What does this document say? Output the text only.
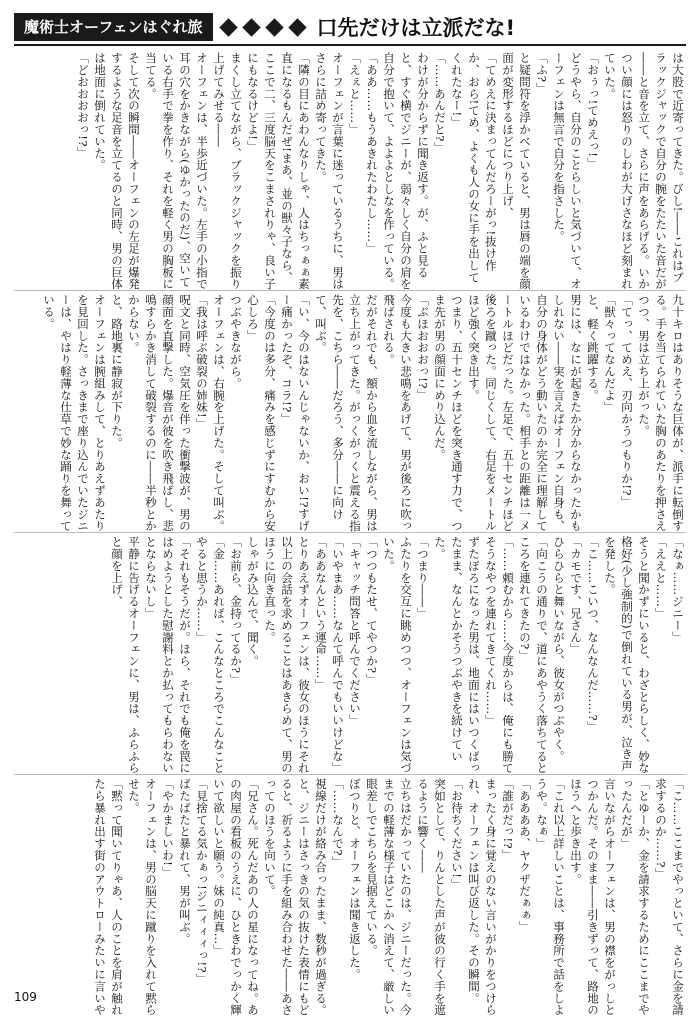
魔術士オーフェンはぐれ旅	口先だけは立派だな!
は大股で近寄ってきた。びし!――これはブラックジャックで自分の腕をたたいた音だが――と音を立て、さらに声をあらげる。いかつい顔には怒りのしわが大げさなほど刻まれていた。
「おぅっ!てめえっ!」
どうやら、自分のことらしいと気づいて、オーフェンは無言で自分を指さした。
「ふ?」
と疑問符を浮かべていると、男は唇の端を顔面が変形するほどにつり上げ、
「てめえに決まってんだろーがっ!抜け作か、おら!てめ、よくも人の女に手を出してくれたなー!」
「……あんだと?」
わけが分からずに聞き返す。が、ふと見ると、すぐ横でジニーが、弱々しく自分の肩を自分で抱いて、よよよとしなを作っている。
「ああ……もうあきれたわたし……」
「えぇと……」
オーフェンが言葉に迷っているうちに、男はさらに詰め寄ってきた。
「隣の目にあわんなりしゃ、人はちっぁぁ素直になるもんだぜ!まあ、並の獣々子なら、ここで二、三度脳天をこまされりゃ、良い子にもなるけどよ!」
まくし立てながら、ブラックジャックを振り上げてみせる――
オーフェンは、半歩近づいた。左手の小指で耳の穴をかきながら(ゆかったのだ)、空いている右手で拳を作り、それを軽く男の胸板に当てる。
そして次の瞬間――オーフェンの左足が爆発するような足音を立てるのと同時、男の巨体は地面に倒れていた。
「どおおおおっ!?」
九十キロはありそうな巨体が、派手に転倒する。手を当てられていた胸のあたりを押さえつつ、男は立ち上がった。
「てっ、てめえ、刃向かうつもりか!?」
「獣々ってなんだよ」
と、軽く跳躍する。
男には、なにが起きたか分からなかったかもしれない――実を言えばオーフェン自身も、自分の身体がどう動いたのか完全に理解しているわけではなかった。相手との距離は一メートルほどだった。左足で、五十センチほど後ろを蹴った。同じくして、右足をメートルほど強く突き出す。
つまり、五十センチほどを突き通す力で、つま先が男の顔面にめり込んだ。
「ぶほおおおっ!?」
今度も大きい悲鳴をあげて、男が後ろに吹っ飛ばされる。
だがそれでも、額から血を流しながら、男は立ち上がってきた。がっくがっくと震える指先を、こちら――だろう、多分――に向けて、叫ぶ。
「い、今のはないんじゃないか、おい!?すげー痛かったぞ、コラ!?」
「今度のは多分、痛みを感じずにすむから安心しろ」
つぶやきながら。
オーフェンは、右腕を上げた。そして叫ぶ。
「我は呼ぶ破裂の姉妹!」
呪文と同時、空気圧を伴った衝撃波が、男の顔面を直撃した。爆音が彼を吹き飛ばし、悲鳴すらかき消して破裂するのに――半秒とかからない。
と、路地裏に静寂が下りた。
オーフェンは腕組みして、とりあえずあたりを見回した。さっきまで座り込んでいたジニーは、やはり軽薄な仕草で妙な踊りを舞っている。
「なぁ……ジニー」
「ええと……」
そうと聞かずにいると、わざとらしく、妙な格好(少し強制的)で倒れている男が、泣き声を発した。
「こ……こいつ、なんなんだ……?」
「カモです、兄さん」
ひらひらと舞いながら、彼女がつぶやく。
「向こうの通りで、道にあやうく落ちてるところを連れてきたの?」
「……頼むから……今度からは、俺にも勝てそうなやつを連れてきてくれ……」
ずたぼろになった男は、地面にはいつくばったまま、なんとかそうつぶやきを続けていた。
「つまり――」
ふたりを交互に眺めつつ、オーフェンは気づいた。
「つつもたせ、てやつか?」
「キャッチ問答と呼んでください」
「いやまあ……なんて呼んでもいいけどな」
「ああなんという運命……」
とりあえずオーフェンは、彼女のほうにそれ以上の会話を求めることはあきらめて、男のほうに向き直った。
しゃがみ込んで、聞く。
「お前ら、金持ってるか?」
「金……あれば、こんなところでこんなことやると思うか……」
「それもそうだが。ほら、それでも俺を罠にはめようとした慰謝料とか払ってもらわないとならないし」
平静に告げるオーフェンに、男は、ふらふらと顔を上げ、
「こ……ここまでやっといて、さらに金を請求するのか……?」
「とゆーか、金を請求するためにここまでやったんだが」
言いながらオーフェンは、男の襟をがっしとつかんだ。そのまま――引きずって、路地のほうへと歩き出す。
「これ以上詳しいことは、事務所で話をしようや。なぁ」
「ああああ、ヤクザだぁぁ」
「誰がだっ!?」
まったく身に覚えのない言いがかりをつけられ、オーフェンは叫び返した。その瞬間。
「お待ちください!」
突如として、りんとした声が彼の行く手を遮るように響く――
立ちはだかっていたのは、ジニーだった。今までの軽薄な様子はどこかへ消えて、厳しい眼差しでこちらを見据えている。
ぼつりと、オーフェンは聞き返した。
「……なんで?」
視線だけが絡み合ったまま、数秒が過ぎる。と、ジニーはさっきの気の抜けた表情にもどると、祈るように手を組み合わせた――あさってのほうを向いて。
「兄さん。死んだあの人の星になってね。あの肉屋の看板のうえに、ひときわでっかく輝いて欲しいと願う。妹の純真…」
「見捨てる気かぁっ!ジニィィィっ!?」
ばたばたと暴れて、男が叫ぶ。
「やかましいわ!」
オーフェンは、男の脳天に蹴りを入れて黙らせた。
「黙って聞いてりゃあ、人のことを肩が触れたら暴れ出す街のアウトローみたいに言いや
109
